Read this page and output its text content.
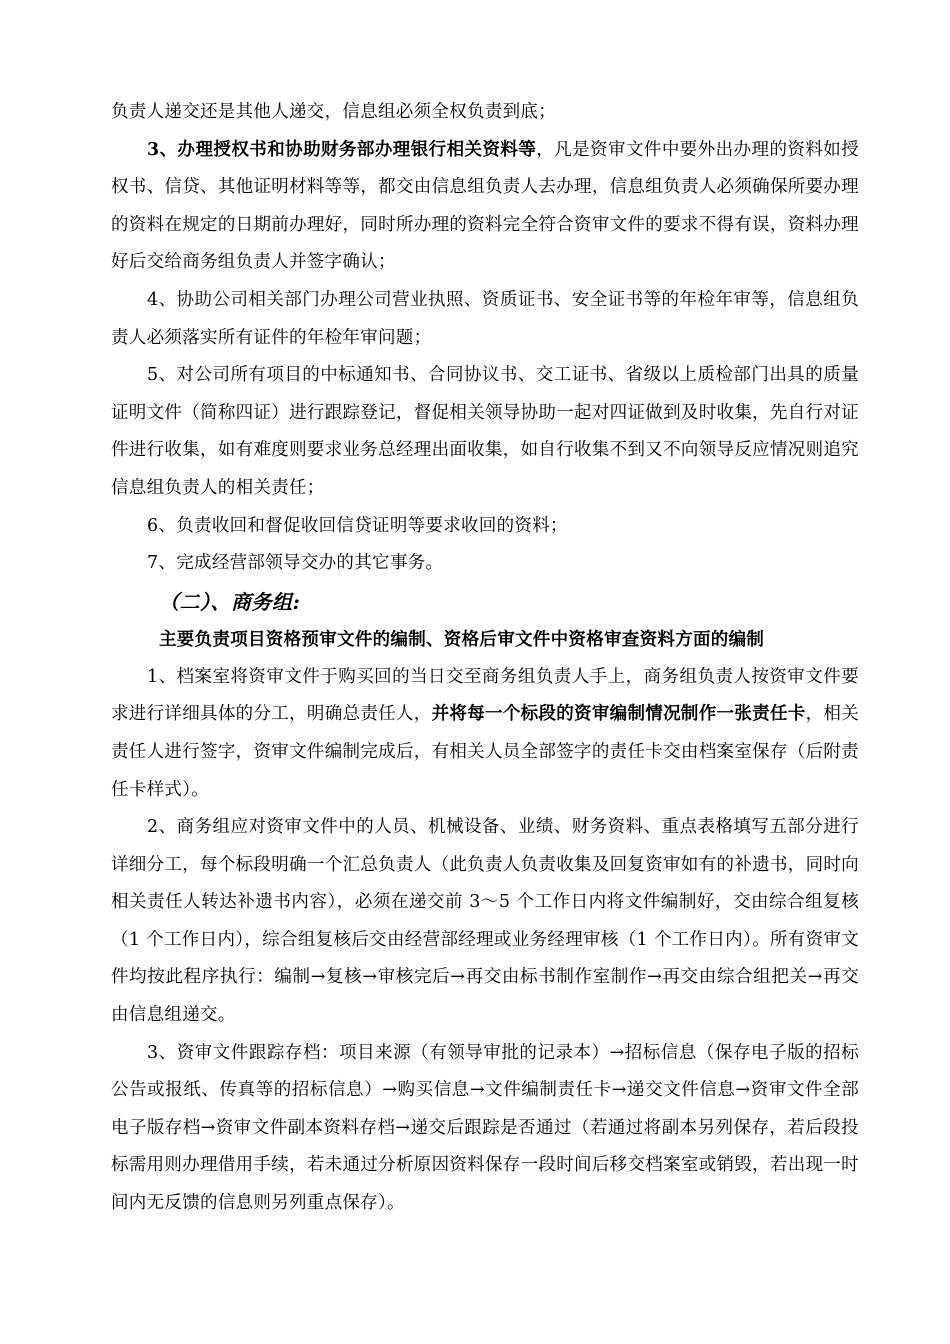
负责人递交还是其他人递交，信息组必须全权负责到底；

3、办理授权书和协助财务部办理银行相关资料等，凡是资审文件中要外出办理的资料如授权书、信贷、其他证明材料等等，都交由信息组负责人去办理，信息组负责人必须确保所要办理的资料在规定的日期前办理好，同时所办理的资料完全符合资审文件的要求不得有误，资料办理好后交给商务组负责人并签字确认；

4、协助公司相关部门办理公司营业执照、资质证书、安全证书等的年检年审等，信息组负责人必须落实所有证件的年检年审问题；

5、对公司所有项目的中标通知书、合同协议书、交工证书、省级以上质检部门出具的质量证明文件（简称四证）进行跟踪登记，督促相关领导协助一起对四证做到及时收集，先自行对证件进行收集，如有难度则要求业务总经理出面收集，如自行收集不到又不向领导反应情况则追究信息组负责人的相关责任；

6、负责收回和督促收回信贷证明等要求收回的资料；

7、完成经营部领导交办的其它事务。

（二）、商务组:

主要负责项目资格预审文件的编制、资格后审文件中资格审查资料方面的编制

1、档案室将资审文件于购买回的当日交至商务组负责人手上，商务组负责人按资审文件要求进行详细具体的分工，明确总责任人，并将每一个标段的资审编制情况制作一张责任卡，相关责任人进行签字，资审文件编制完成后，有相关人员全部签字的责任卡交由档案室保存（后附责任卡样式）。

2、商务组应对资审文件中的人员、机械设备、业绩、财务资料、重点表格填写五部分进行详细分工，每个标段明确一个汇总负责人（此负责人负责收集及回复资审如有的补遗书，同时向相关责任人转达补遗书内容），必须在递交前 3～5 个工作日内将文件编制好，交由综合组复核（1 个工作日内），综合组复核后交由经营部经理或业务经理审核（1 个工作日内）。所有资审文件均按此程序执行：编制→复核→审核完后→再交由标书制作室制作→再交由综合组把关→再交由信息组递交。

3、资审文件跟踪存档：项目来源（有领导审批的记录本）→招标信息（保存电子版的招标公告或报纸、传真等的招标信息）→购买信息→文件编制责任卡→递交文件信息→资审文件全部电子版存档→资审文件副本资料存档→递交后跟踪是否通过（若通过将副本另列保存，若后段投标需用则办理借用手续，若未通过分析原因资料保存一段时间后移交档案室或销毁，若出现一时间内无反馈的信息则另列重点保存）。
